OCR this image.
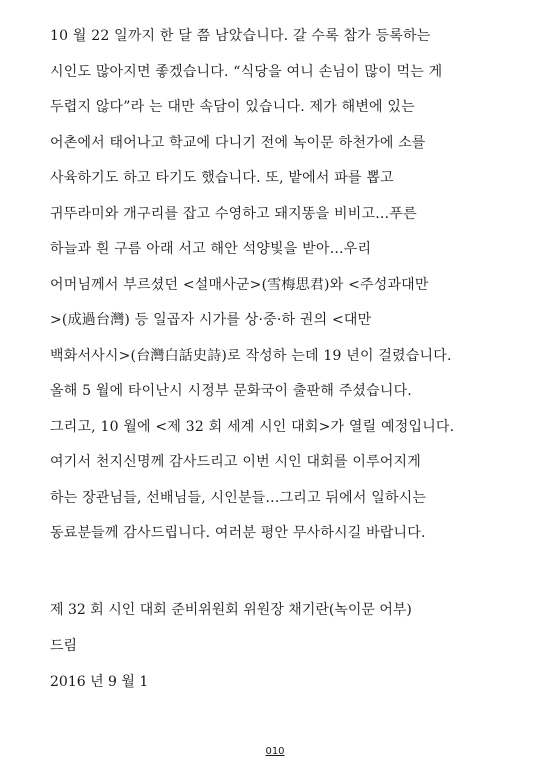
10 월 22 일까지 한 달 쯤 남았습니다. 갈 수록 참가 등록하는
시인도 많아지면 좋겠습니다. “식당을 여니 손님이 많이 먹는 게
두렵지 않다”라 는 대만 속담이 있습니다. 제가 해변에 있는
어촌에서 태어나고 학교에 다니기 전에 녹이문 하천가에 소를
사육하기도 하고 타기도 했습니다. 또, 밭에서 파를 뽑고
귀뚜라미와 개구리를 잡고 수영하고 돼지똥을 비비고…푸른
하늘과 흰 구름 아래 서고 해안 석양빛을 받아…우리
어머님께서 부르셨던 <설매사군>(雪梅思君)와 <주성과대만
>(成過台灣) 등 일곱자 시가를 상·중·하 권의 <대만
백화서사시>(台灣白話史詩)로 작성하 는데 19 년이 걸렸습니다.
올해 5 월에 타이난시 시정부 문화국이 출판해 주셨습니다.
그리고, 10 월에 <제 32 회 세계 시인 대회>가 열릴 예정입니다.
여기서 천지신명께 감사드리고 이번 시인 대회를 이루어지게
하는 장관님들, 선배님들, 시인분들…그리고 뒤에서 일하시는
동료분들께 감사드립니다. 여러분 평안 무사하시길 바랍니다.
제 32 회 시인 대회 준비위원회 위원장 채기란(녹이문 어부)
드림
2016 년 9 월 1
010
